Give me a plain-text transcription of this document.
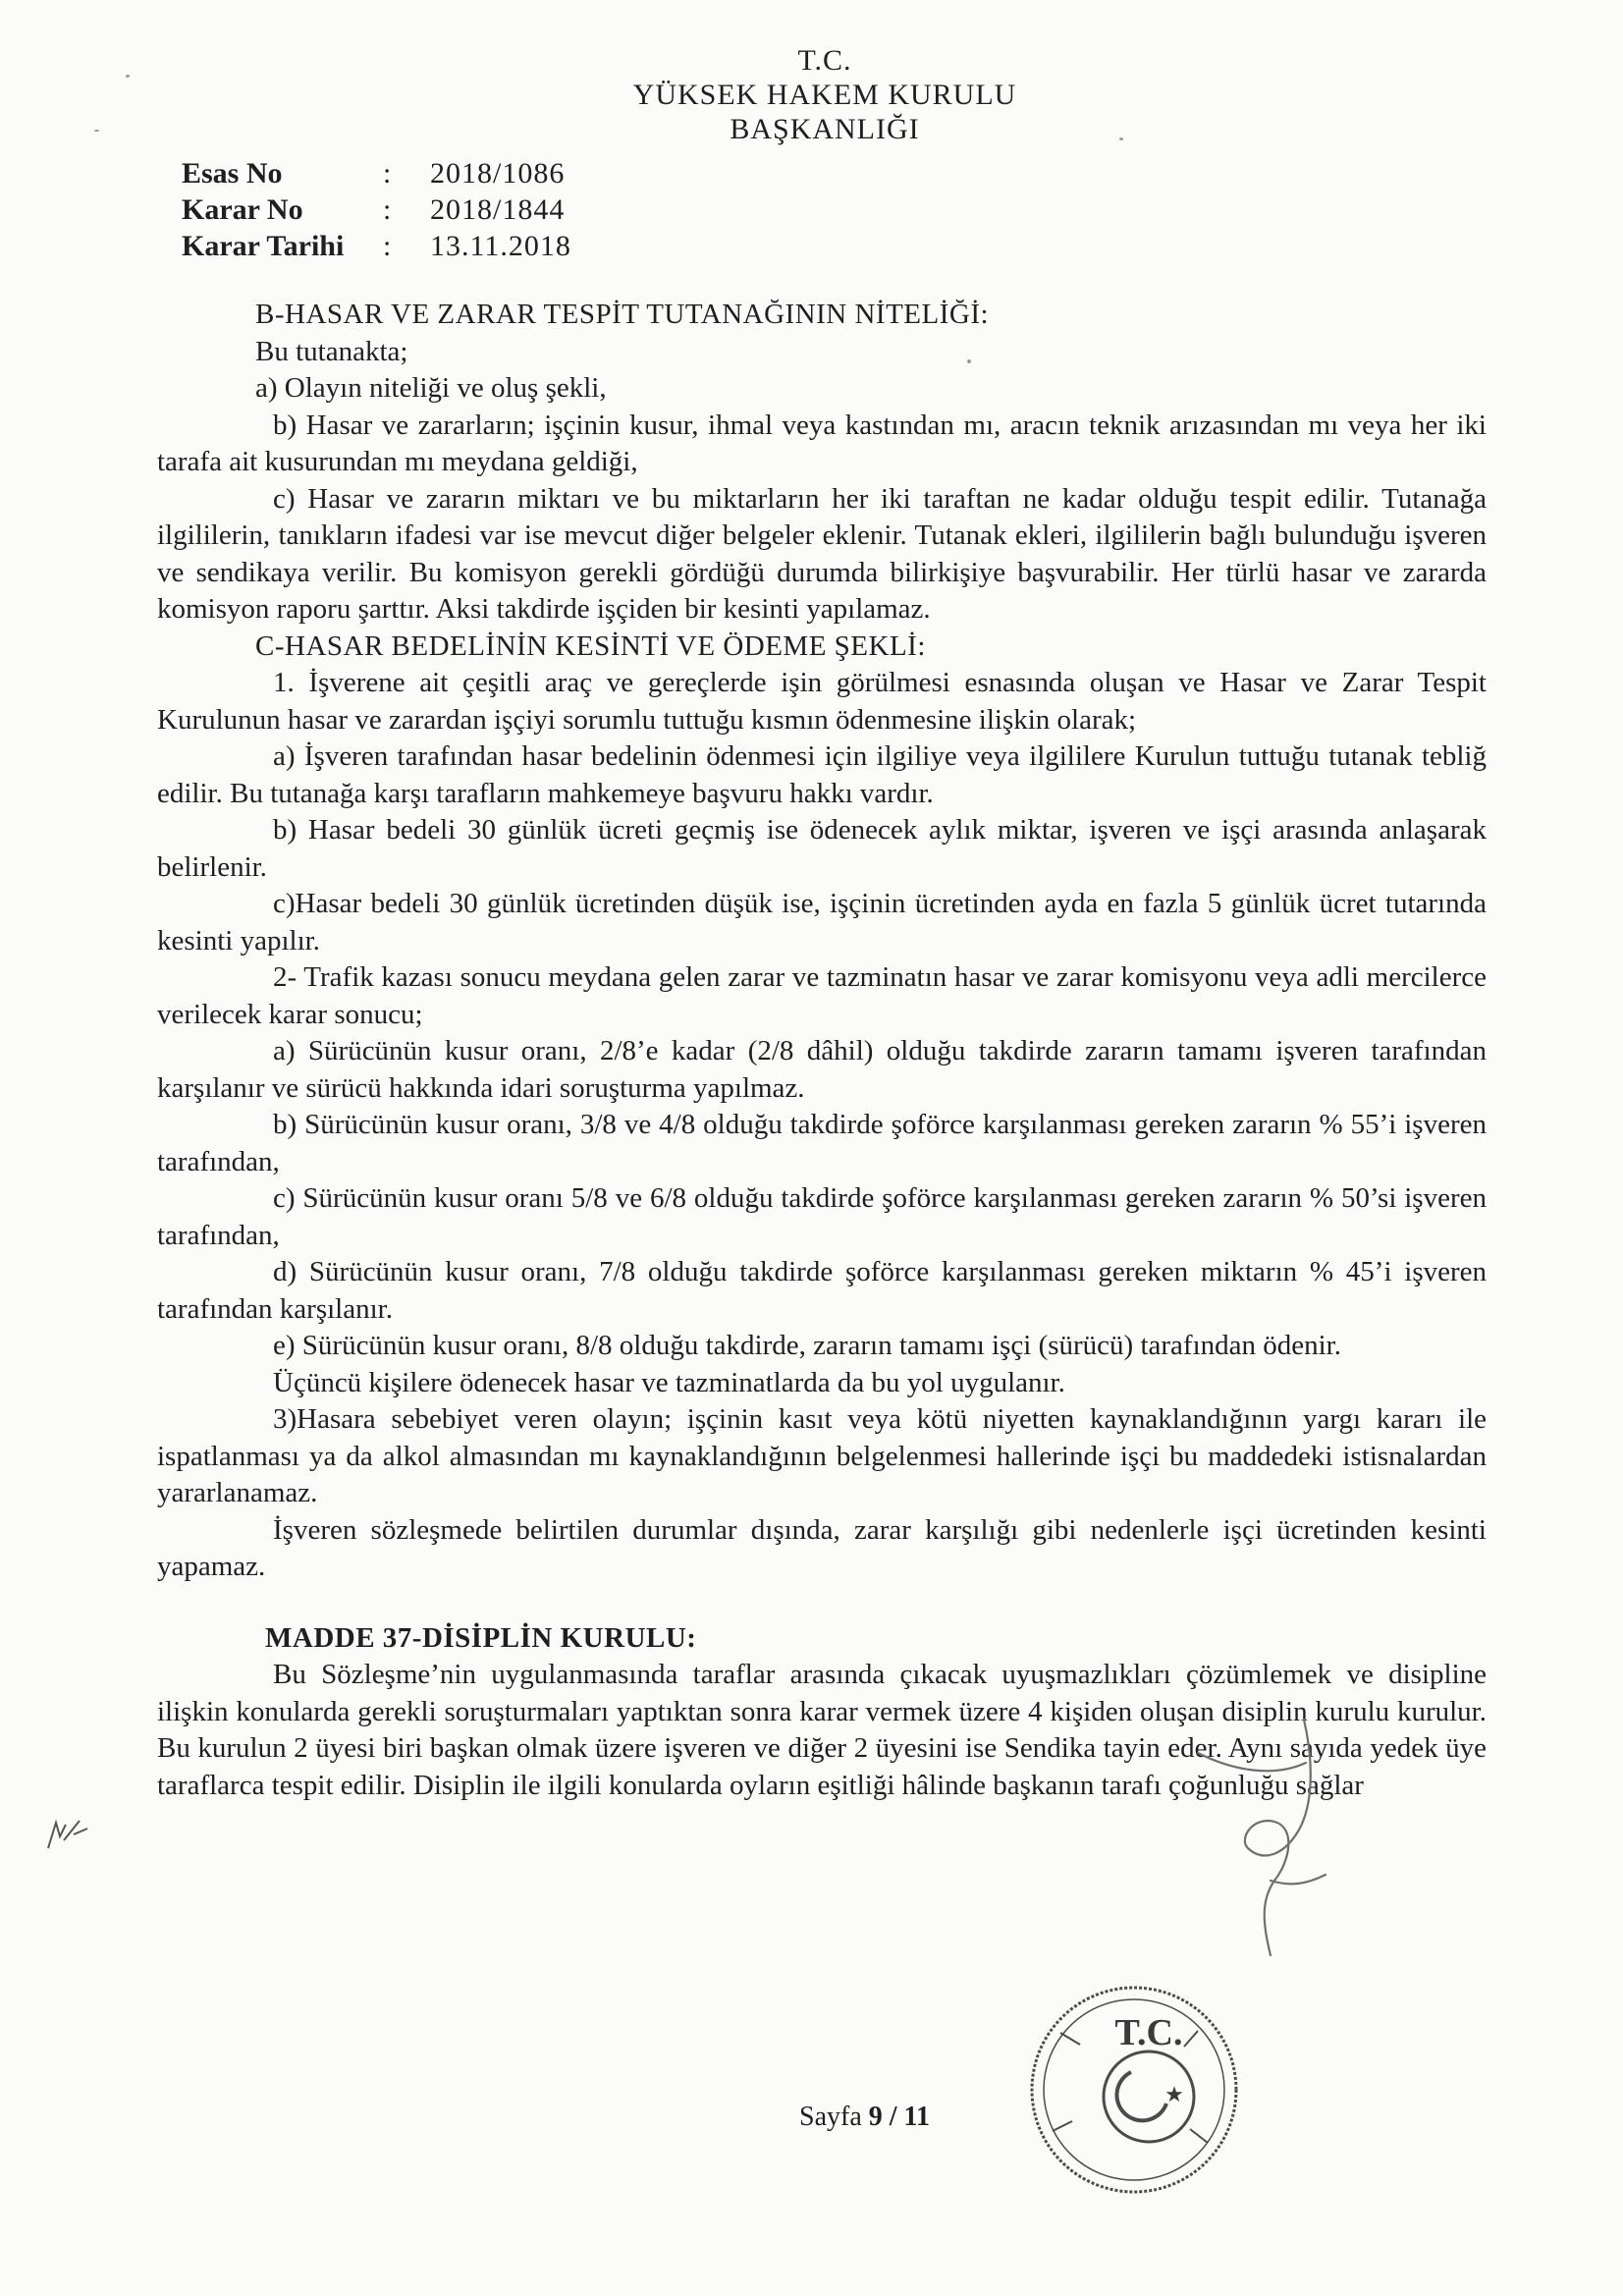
T.C.
YÜKSEK HAKEM KURULU
BAŞKANLIĞI
Esas No	:	2018/1086
Karar No	:	2018/1844
Karar Tarihi	:	13.11.2018

B-HASAR VE ZARAR TESPİT TUTANAĞININ NİTELİĞİ:

Bu tutanakta;

a) Olayın niteliği ve oluş şekli,

b) Hasar ve zararların; işçinin kusur, ihmal veya kastından mı, aracın teknik arızasından mı veya her iki tarafa ait kusurundan mı meydana geldiği,

c) Hasar ve zararın miktarı ve bu miktarların her iki taraftan ne kadar olduğu tespit edilir. Tutanağa ilgililerin, tanıkların ifadesi var ise mevcut diğer belgeler eklenir. Tutanak ekleri, ilgililerin bağlı bulunduğu işveren ve sendikaya verilir. Bu komisyon gerekli gördüğü durumda bilirkişiye başvurabilir. Her türlü hasar ve zararda komisyon raporu şarttır. Aksi takdirde işçiden bir kesinti yapılamaz.

C-HASAR BEDELİNİN KESİNTİ VE ÖDEME ŞEKLİ:

1. İşverene ait çeşitli araç ve gereçlerde işin görülmesi esnasında oluşan ve Hasar ve Zarar Tespit Kurulunun hasar ve zarardan işçiyi sorumlu tuttuğu kısmın ödenmesine ilişkin olarak;

a) İşveren tarafından hasar bedelinin ödenmesi için ilgiliye veya ilgililere Kurulun tuttuğu tutanak tebliğ edilir. Bu tutanağa karşı tarafların mahkemeye başvuru hakkı vardır.

b) Hasar bedeli 30 günlük ücreti geçmiş ise ödenecek aylık miktar, işveren ve işçi arasında anlaşarak belirlenir.

c)Hasar bedeli 30 günlük ücretinden düşük ise, işçinin ücretinden ayda en fazla 5 günlük ücret tutarında kesinti yapılır.

2- Trafik kazası sonucu meydana gelen zarar ve tazminatın hasar ve zarar komisyonu veya adli mercilerce verilecek karar sonucu;

a) Sürücünün kusur oranı, 2/8’e kadar (2/8 dâhil) olduğu takdirde zararın tamamı işveren tarafından karşılanır ve sürücü hakkında idari soruşturma yapılmaz.

b) Sürücünün kusur oranı, 3/8 ve 4/8 olduğu takdirde şoförce karşılanması gereken zararın % 55’i işveren tarafından,

c) Sürücünün kusur oranı 5/8 ve 6/8 olduğu takdirde şoförce karşılanması gereken zararın % 50’si işveren tarafından,

d) Sürücünün kusur oranı, 7/8 olduğu takdirde şoförce karşılanması gereken miktarın % 45’i işveren tarafından karşılanır.

e) Sürücünün kusur oranı, 8/8 olduğu takdirde, zararın tamamı işçi (sürücü) tarafından ödenir.

Üçüncü kişilere ödenecek hasar ve tazminatlarda da bu yol uygulanır.

3)Hasara sebebiyet veren olayın; işçinin kasıt veya kötü niyetten kaynaklandığının yargı kararı ile ispatlanması ya da alkol almasından mı kaynaklandığının belgelenmesi hallerinde işçi bu maddedeki istisnalardan yararlanamaz.

İşveren sözleşmede belirtilen durumlar dışında, zarar karşılığı gibi nedenlerle işçi ücretinden kesinti yapamaz.

MADDE 37-DİSİPLİN KURULU:

Bu Sözleşme’nin uygulanmasında taraflar arasında çıkacak uyuşmazlıkları çözümlemek ve disipline ilişkin konularda gerekli soruşturmaları yaptıktan sonra karar vermek üzere 4 kişiden oluşan disiplin kurulu kurulur. Bu kurulun 2 üyesi biri başkan olmak üzere işveren ve diğer 2 üyesini ise Sendika tayin eder. Aynı sayıda yedek üye taraflarca tespit edilir. Disiplin ile ilgili konularda oyların eşitliği hâlinde başkanın tarafı çoğunluğu sağlar

T.C.
★
Sayfa 9 / 11
